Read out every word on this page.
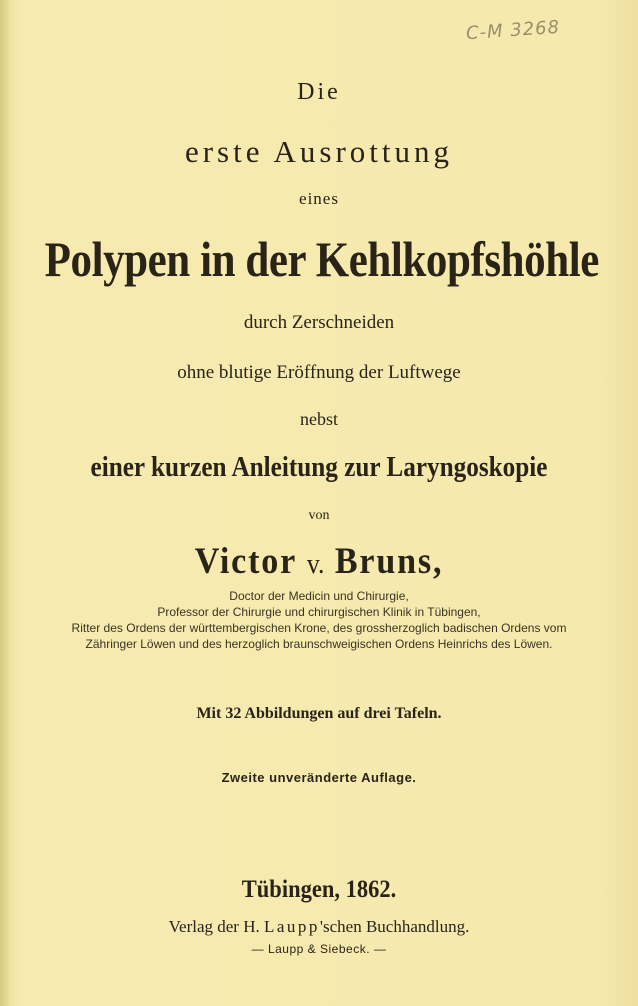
C-M 3268
Die
erste Ausrottung
eines
Polypen in der Kehlkopfshöhle
durch Zerschneiden
ohne blutige Eröffnung der Luftwege
nebst
einer kurzen Anleitung zur Laryngoskopie
von
Victor v. Bruns,
Doctor der Medicin und Chirurgie,
Professor der Chirurgie und chirurgischen Klinik in Tübingen,
Ritter des Ordens der württembergischen Krone, des grossherzoglich badischen Ordens vom
Zähringer Löwen und des herzoglich braunschweigischen Ordens Heinrichs des Löwen.
Mit 32 Abbildungen auf drei Tafeln.
Zweite unveränderte Auflage.
Tübingen, 1862.
Verlag der H. Laupp'schen Buchhandlung.
— Laupp & Siebeck. —
